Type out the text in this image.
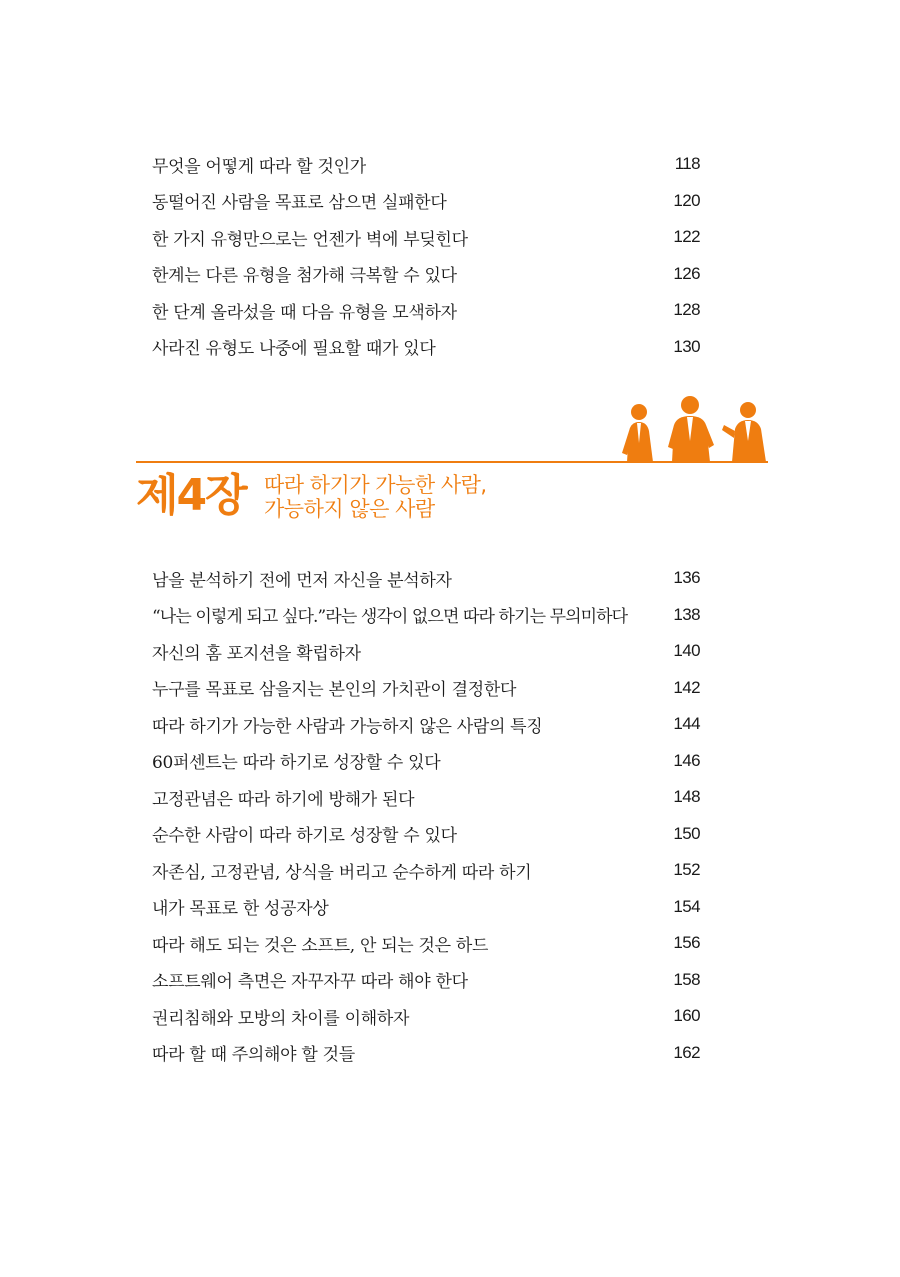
무엇을 어떻게 따라 할 것인가	118
동떨어진 사람을 목표로 삼으면 실패한다	120
한 가지 유형만으로는 언젠가 벽에 부딪힌다	122
한계는 다른 유형을 첨가해 극복할 수 있다	126
한 단계 올라섰을 때 다음 유형을 모색하자	128
사라진 유형도 나중에 필요할 때가 있다	130
제4장 따라 하기가 가능한 사람,
가능하지 않은 사람
남을 분석하기 전에 먼저 자신을 분석하자	136
“나는 이렇게 되고 싶다.”라는 생각이 없으면 따라 하기는 무의미하다	138
자신의 홈 포지션을 확립하자	140
누구를 목표로 삼을지는 본인의 가치관이 결정한다	142
따라 하기가 가능한 사람과 가능하지 않은 사람의 특징	144
60퍼센트는 따라 하기로 성장할 수 있다	146
고정관념은 따라 하기에 방해가 된다	148
순수한 사람이 따라 하기로 성장할 수 있다	150
자존심, 고정관념, 상식을 버리고 순수하게 따라 하기	152
내가 목표로 한 성공자상	154
따라 해도 되는 것은 소프트, 안 되는 것은 하드	156
소프트웨어 측면은 자꾸자꾸 따라 해야 한다	158
권리침해와 모방의 차이를 이해하자	160
따라 할 때 주의해야 할 것들	162
